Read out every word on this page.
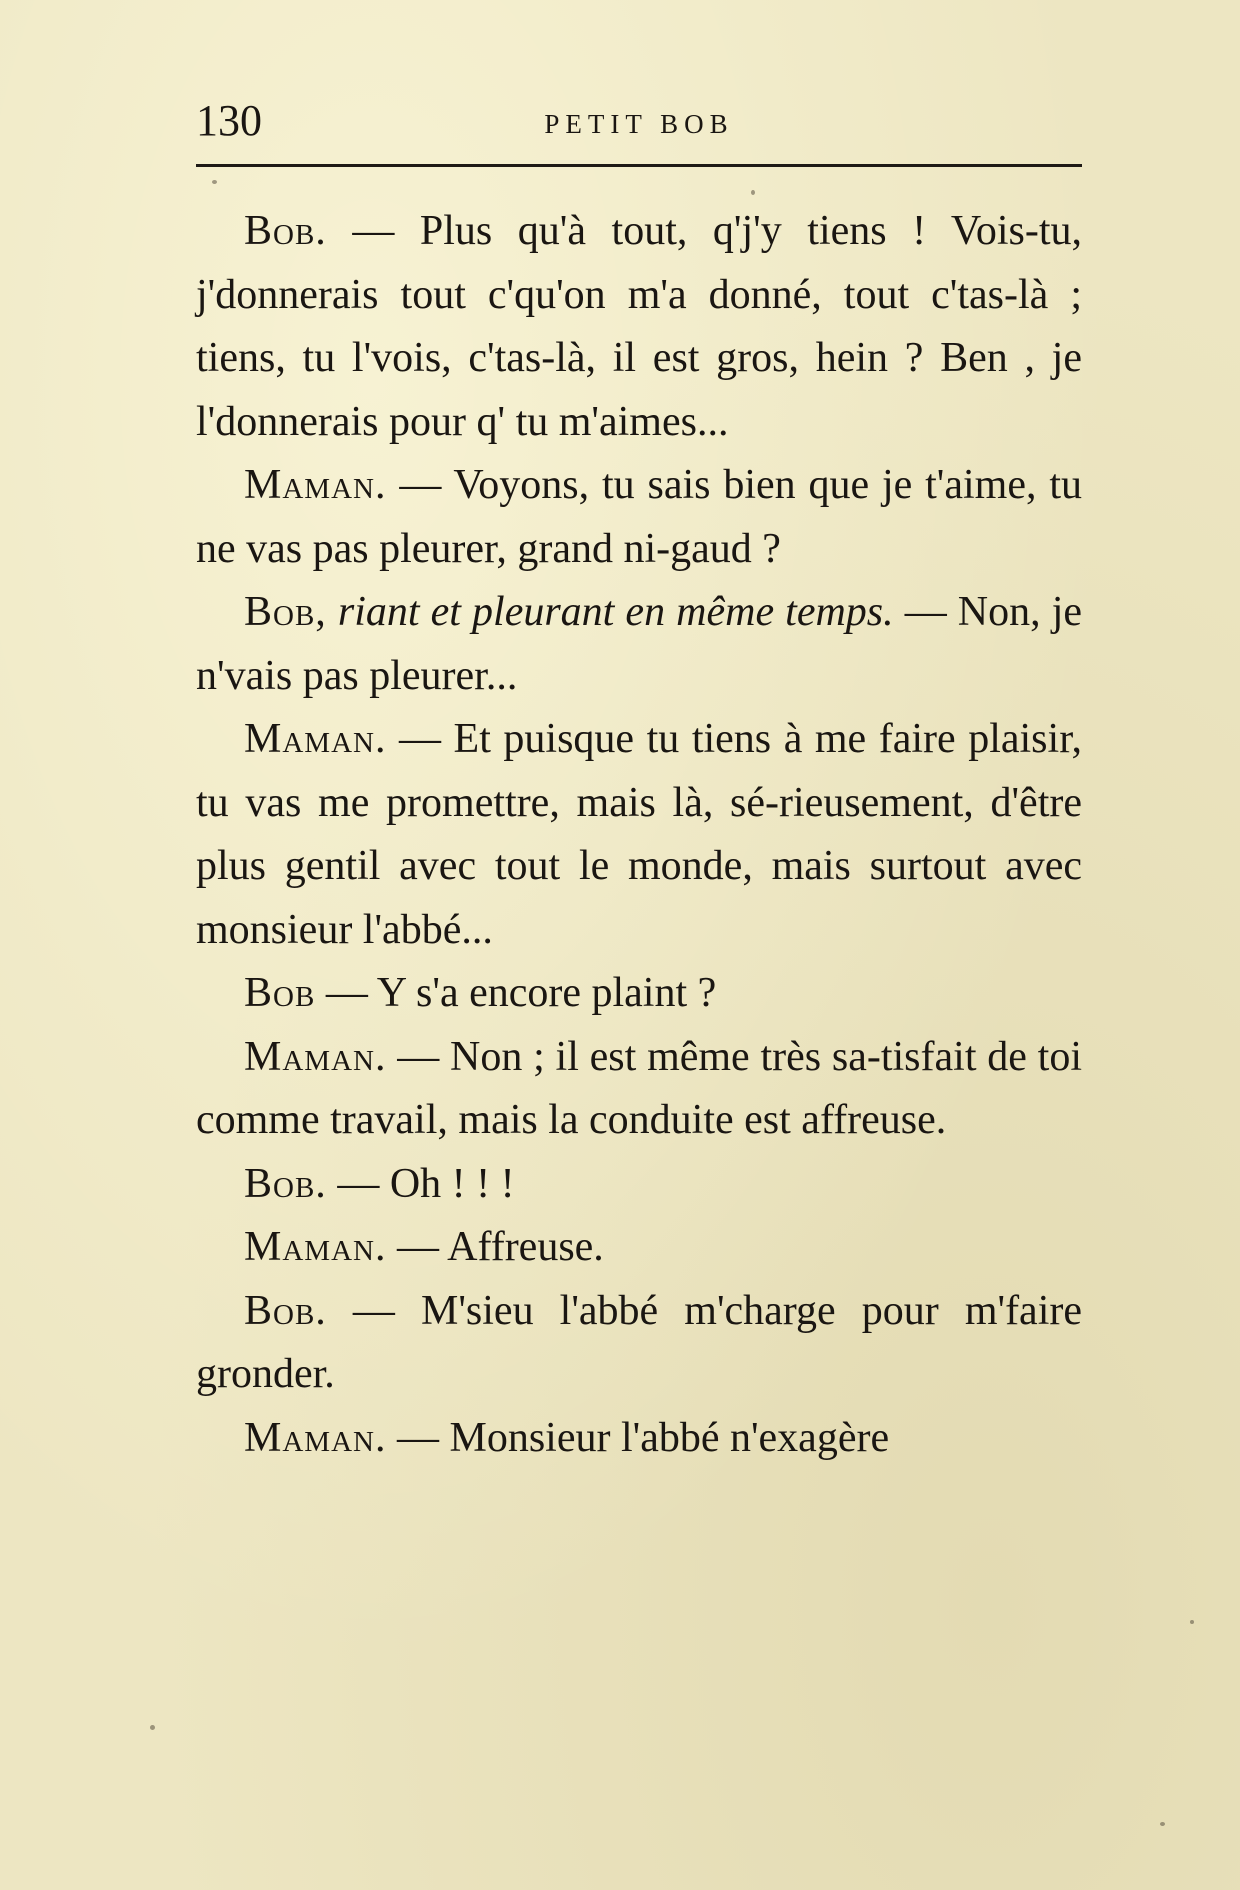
130	PETIT BOB

Bob. — Plus qu'à tout, q'j'y tiens ! Vois-tu, j'donnerais tout c'qu'on m'a donné, tout c'tas-là ; tiens, tu l'vois, c'tas-là, il est gros, hein ? Ben , je l'donnerais pour q' tu m'aimes...

Maman. — Voyons, tu sais bien que je t'aime, tu ne vas pas pleurer, grand ni-gaud ?

Bob, riant et pleurant en même temps. — Non, je n'vais pas pleurer...

Maman. — Et puisque tu tiens à me faire plaisir, tu vas me promettre, mais là, sé-rieusement, d'être plus gentil avec tout le monde, mais surtout avec monsieur l'abbé...

Bob — Y s'a encore plaint ?

Maman. — Non ; il est même très sa-tisfait de toi comme travail, mais la conduite est affreuse.

Bob. — Oh ! ! !

Maman. — Affreuse.

Bob. — M'sieu l'abbé m'charge pour m'faire gronder.

Maman. — Monsieur l'abbé n'exagère
